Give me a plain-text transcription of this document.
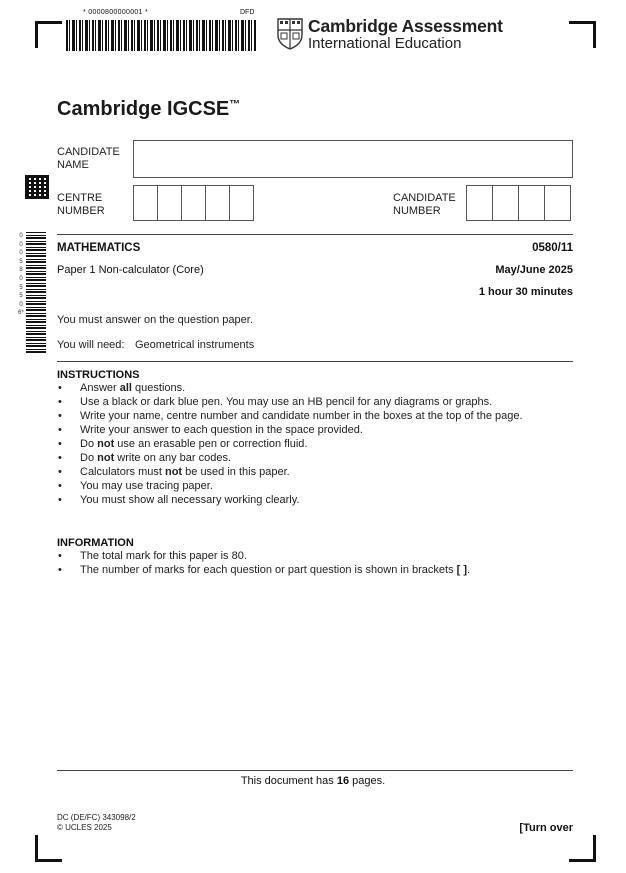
* 0000800000001 *	DFD
Cambridge Assessment
International Education
Cambridge IGCSE™
CANDIDATE
NAME
CENTRE
NUMBER
CANDIDATE
NUMBER
0005805506*
MATHEMATICS	0580/11
Paper 1 Non-calculator (Core)	May/June 2025
1 hour 30 minutes
You must answer on the question paper.
You will need: Geometrical instruments
INSTRUCTIONS
• Answer all questions.
• Use a black or dark blue pen. You may use an HB pencil for any diagrams or graphs.
• Write your name, centre number and candidate number in the boxes at the top of the page.
• Write your answer to each question in the space provided.
• Do not use an erasable pen or correction fluid.
• Do not write on any bar codes.
• Calculators must not be used in this paper.
• You may use tracing paper.
• You must show all necessary working clearly.
INFORMATION
• The total mark for this paper is 80.
• The number of marks for each question or part question is shown in brackets [ ].
This document has 16 pages.
DC (DE/FC) 343098/2
© UCLES 2025	[Turn over
